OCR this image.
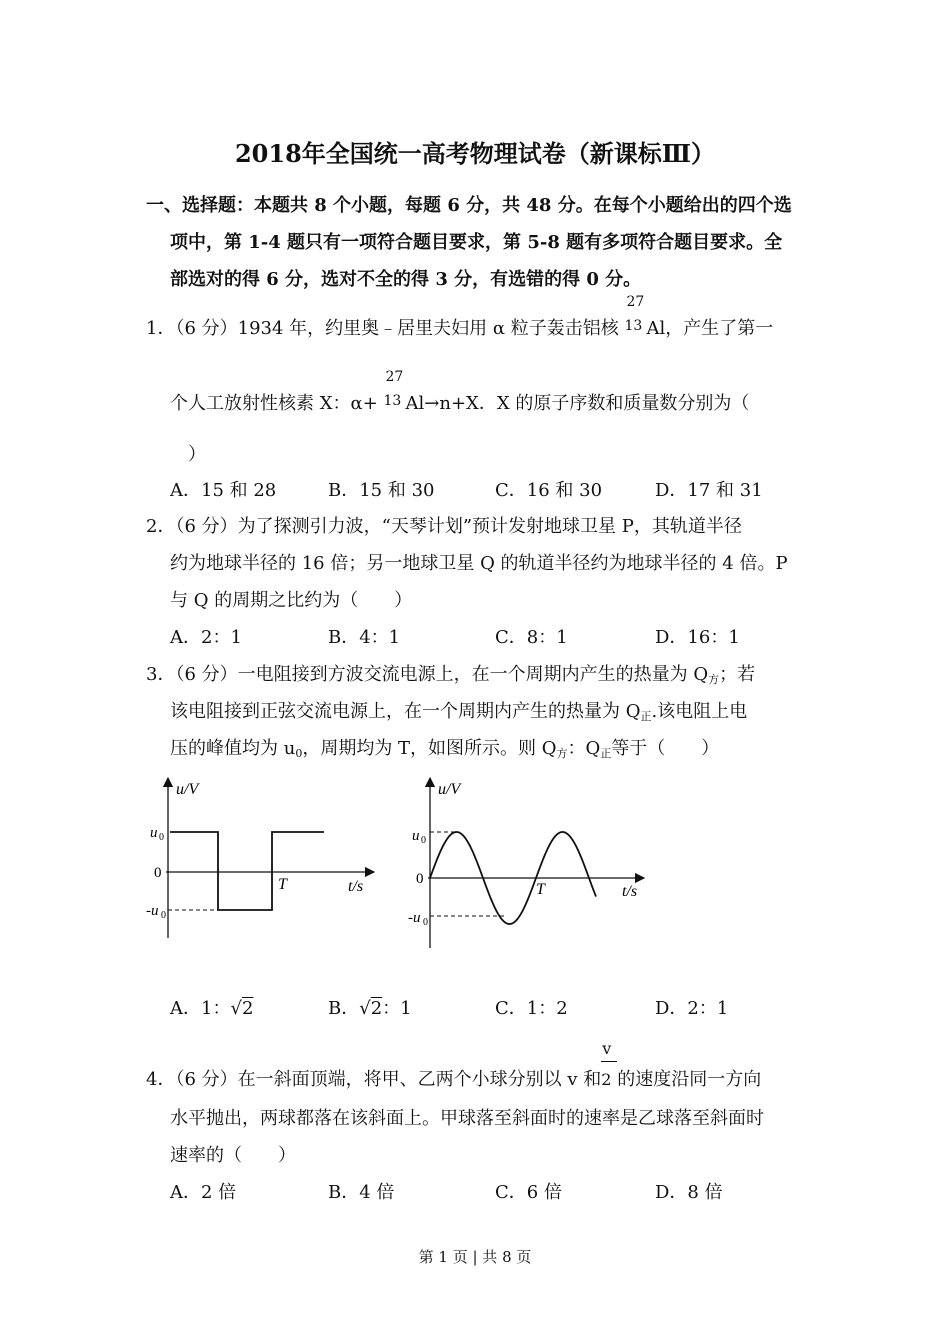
2018年全国统一高考物理试卷（新课标Ⅲ）
一、选择题：本题共 8 个小题，每题 6 分，共 48 分。在每个小题给出的四个选
项中，第 1-4 题只有一项符合题目要求，第 5-8 题有多项符合题目要求。全
部选对的得 6 分，选对不全的得 3 分，有选错的得 0 分。
1．（6 分）1934 年，约里奥﹣居里夫妇用 α 粒子轰击铝核
27
13 Al，产生了第一
个人工放射性核素 X：α+
27
13 Al→n+X．X 的原子序数和质量数分别为（
）
A．15 和 28	B．15 和 30	C．16 和 30	D．17 和 31
2．（6 分）为了探测引力波，“天琴计划”预计发射地球卫星 P，其轨道半径
约为地球半径的 16 倍；另一地球卫星 Q 的轨道半径约为地球半径的 4 倍。P
与 Q 的周期之比约为（　　）
A．2：1	B．4：1	C．8：1	D．16：1
3．（6 分）一电阻接到方波交流电源上，在一个周期内产生的热量为 $Q_方$；若
该电阻接到正弦交流电源上，在一个周期内产生的热量为 $Q_正$.该电阻上电
压的峰值均为 $u_0$，周期均为 T，如图所示。则 $Q_方$：$Q_正$等于（　　）
u/V
t/s
u 0
-u 0
0
T
u/V
t/s
u 0
-u 0
0
T
A．1：√2	B．√2：1	C．1：2	D．2：1
4．（6 分）在一斜面顶端，将甲、乙两个小球分别以 v 和 $\frac{v}{2}$的速度沿同一方向
水平抛出，两球都落在该斜面上。甲球落至斜面时的速率是乙球落至斜面时
速率的（　　）
A．2 倍	B．4 倍	C．6 倍	D．8 倍
第 1 页 | 共 8 页
